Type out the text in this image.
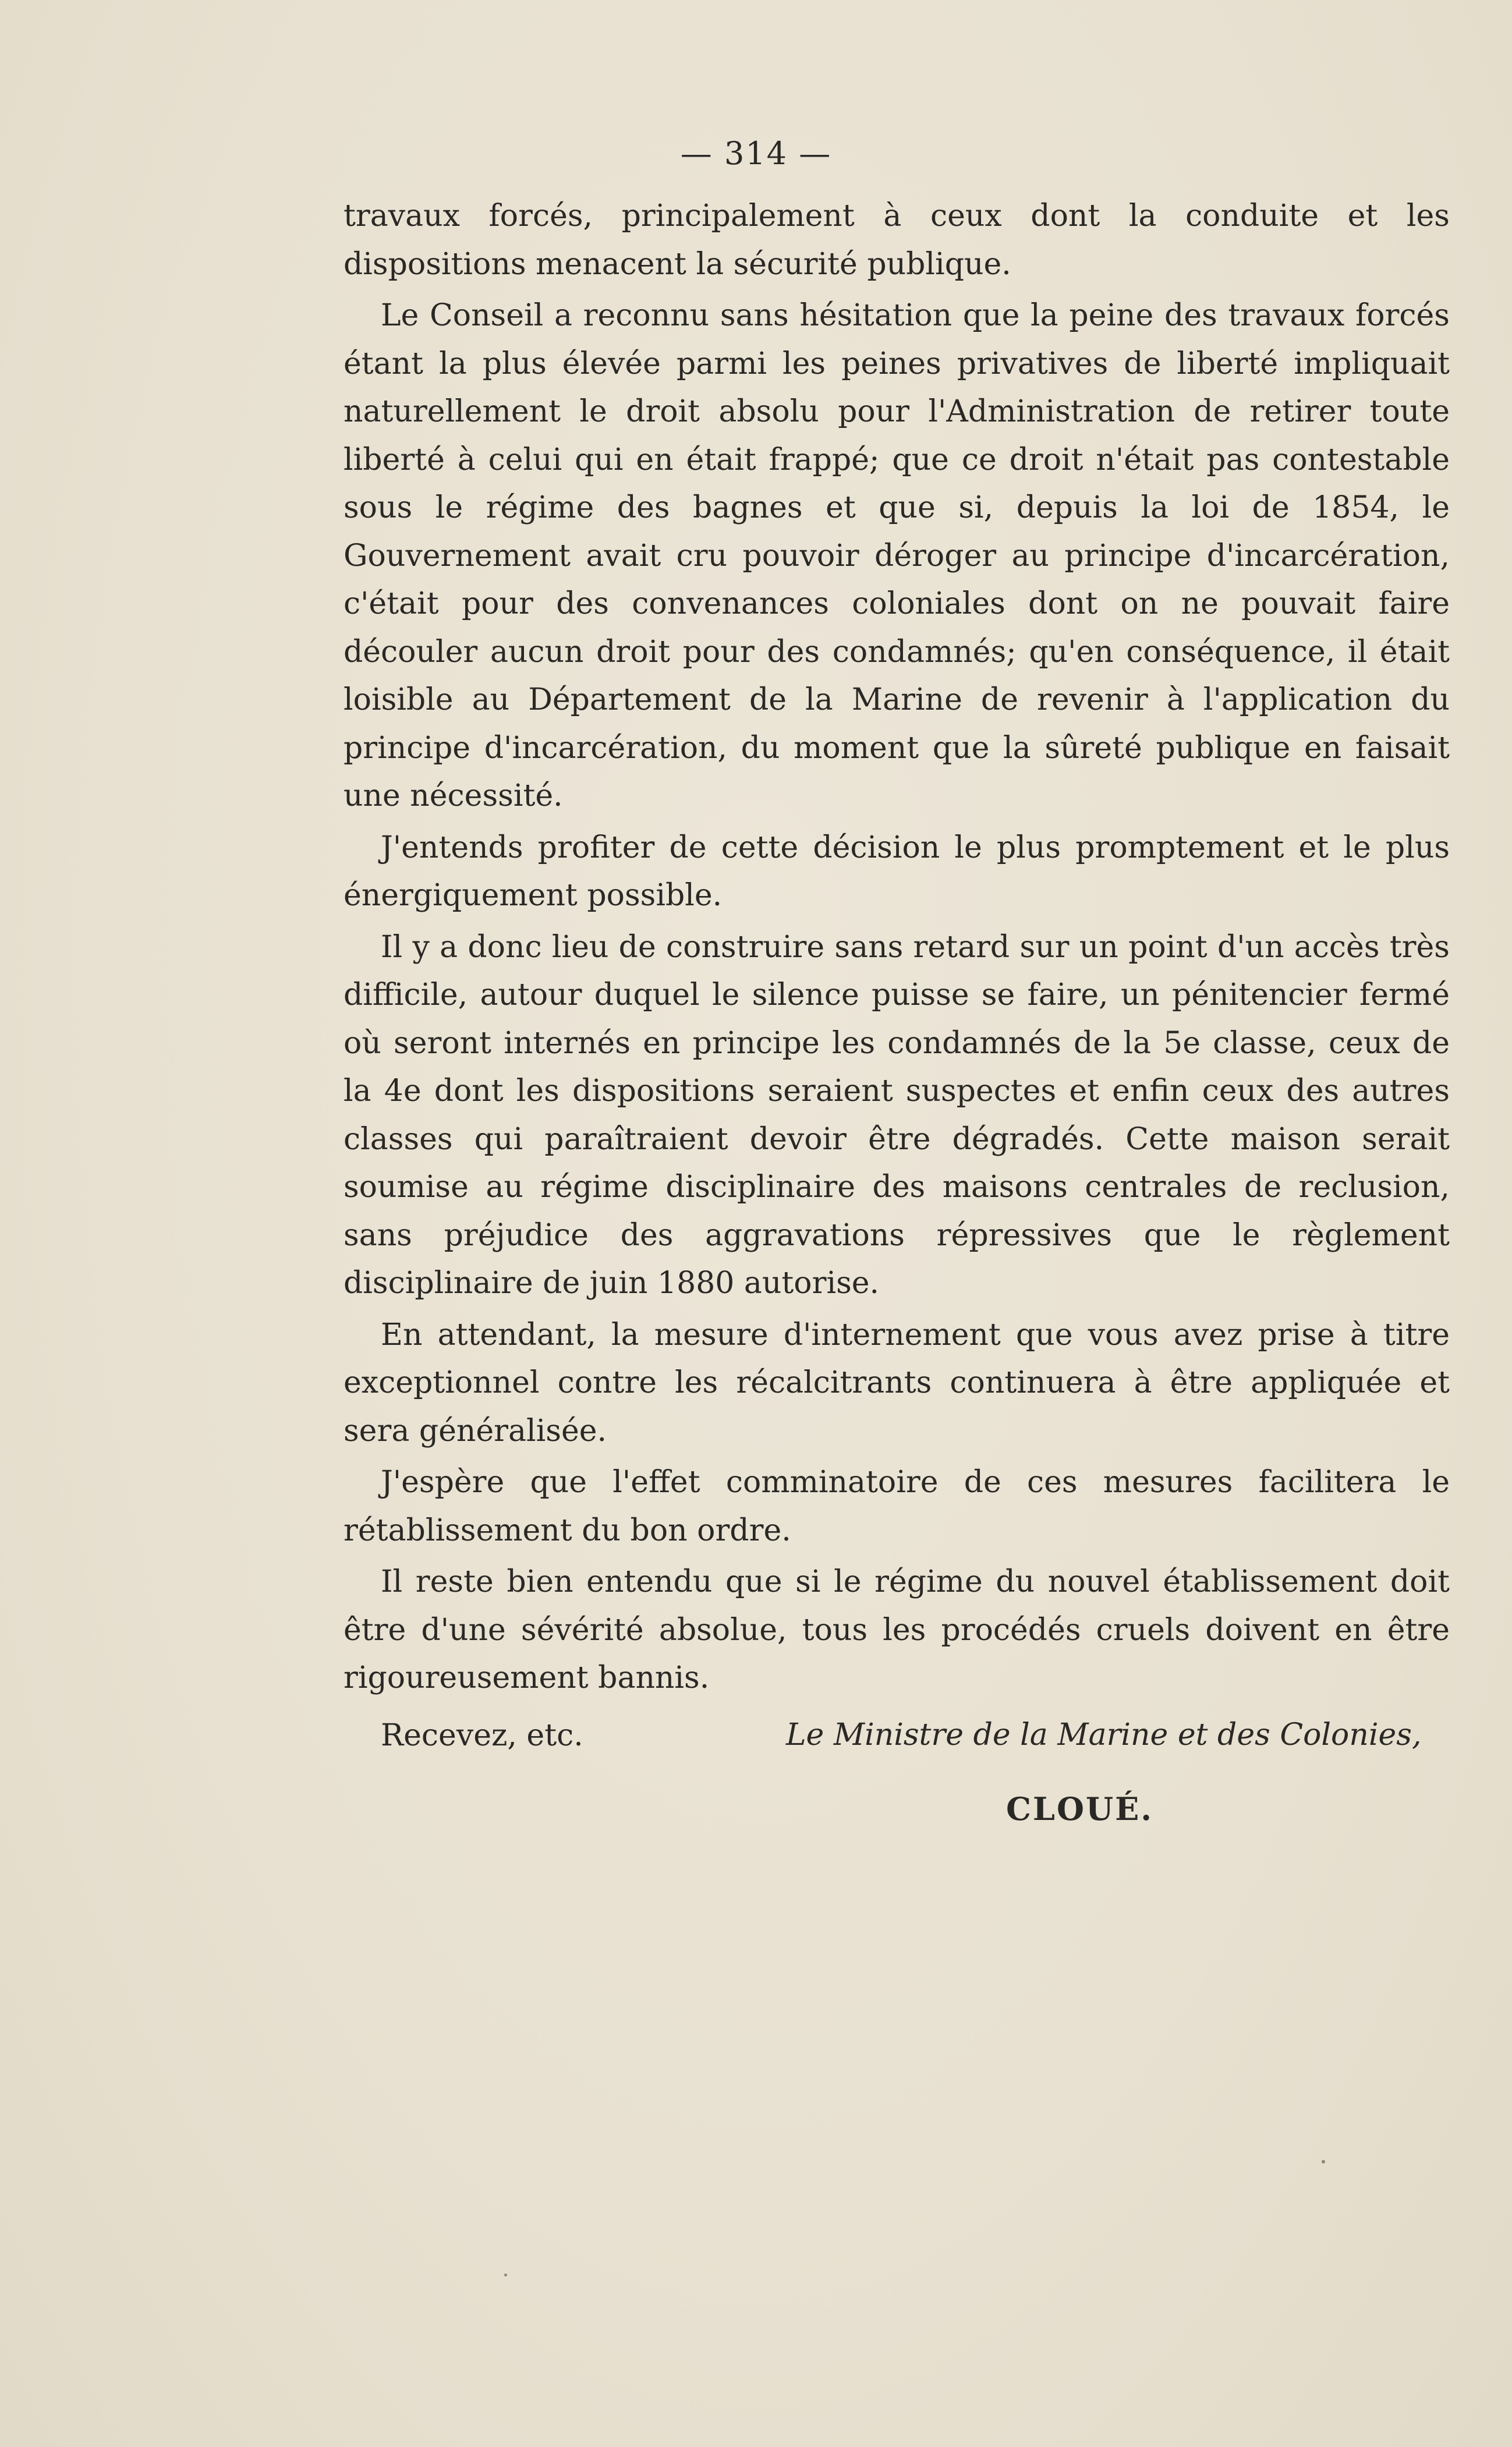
— 314 —

travaux forcés, principalement à ceux dont la conduite et les dispositions menacent la sécurité publique.

Le Conseil a reconnu sans hésitation que la peine des travaux forcés étant la plus élevée parmi les peines privatives de liberté impliquait naturellement le droit absolu pour l'Administration de retirer toute liberté à celui qui en était frappé; que ce droit n'était pas contestable sous le régime des bagnes et que si, depuis la loi de 1854, le Gouvernement avait cru pouvoir déroger au principe d'incarcération, c'était pour des convenances coloniales dont on ne pouvait faire découler aucun droit pour des condamnés; qu'en conséquence, il était loisible au Département de la Marine de revenir à l'application du principe d'incarcération, du moment que la sûreté publique en faisait une nécessité.

J'entends profiter de cette décision le plus promptement et le plus énergiquement possible.

Il y a donc lieu de construire sans retard sur un point d'un accès très difficile, autour duquel le silence puisse se faire, un pénitencier fermé où seront internés en principe les condamnés de la 5e classe, ceux de la 4e dont les dispositions seraient suspectes et enfin ceux des autres classes qui paraîtraient devoir être dégradés. Cette maison serait soumise au régime disciplinaire des maisons centrales de reclusion, sans préjudice des aggravations répressives que le règlement disciplinaire de juin 1880 autorise.

En attendant, la mesure d'internement que vous avez prise à titre exceptionnel contre les récalcitrants continuera à être appliquée et sera généralisée.

J'espère que l'effet comminatoire de ces mesures facilitera le rétablissement du bon ordre.

Il reste bien entendu que si le régime du nouvel établissement doit être d'une sévérité absolue, tous les procédés cruels doivent en être rigoureusement bannis.

Recevez, etc.	Le Ministre de la Marine et des Colonies,
CLOUÉ.
